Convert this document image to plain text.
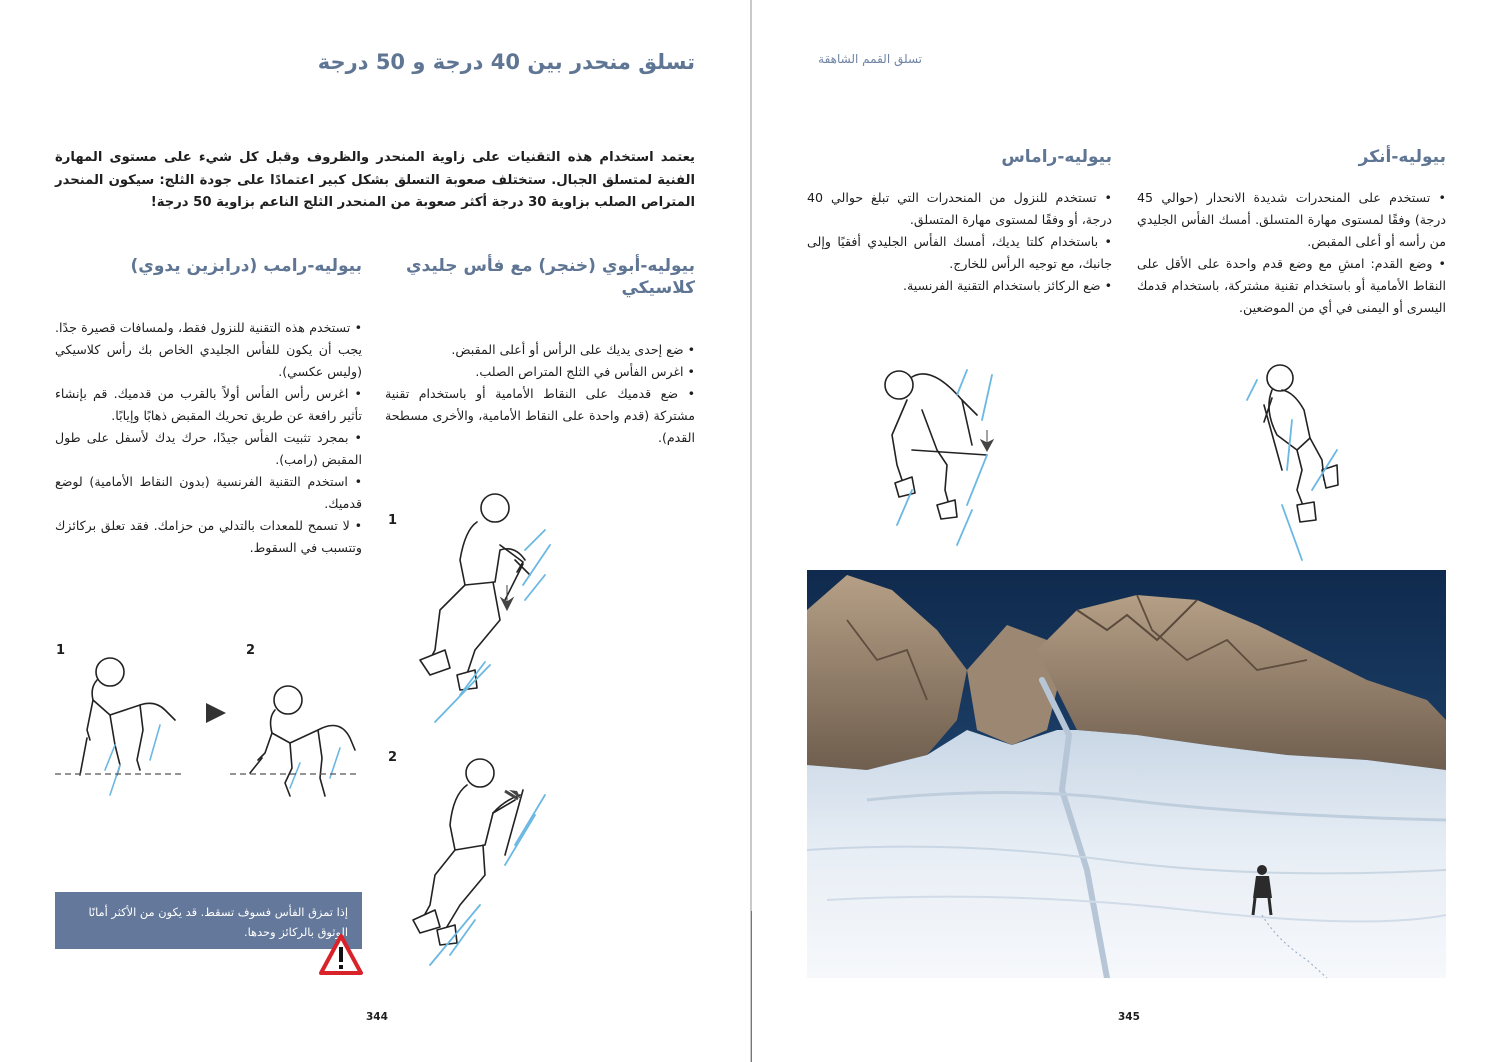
تسلق منحدر بين 40 درجة و 50 درجة

يعتمد استخدام هذه التقنيات على زاوية المنحدر والظروف وقبل كل شيء على مستوى المهارة الفنية لمتسلق الجبال. ستختلف صعوبة التسلق بشكل كبير اعتمادًا على جودة الثلج: سيكون المنحدر المتراص الصلب بزاوية 30 درجة أكثر صعوبة من المنحدر الثلج الناعم بزاوية 50 درجة!

بيوليه-أبوي (خنجر) مع فأس جليدي كلاسيكي

• ضع إحدى يديك على الرأس أو أعلى المقبض.

• اغرس الفأس في الثلج المتراص الصلب.

• ضع قدميك على النقاط الأمامية أو باستخدام تقنية مشتركة (قدم واحدة على النقاط الأمامية، والأخرى مسطحة القدم).

بيوليه-رامب (درابزين يدوي)

• تستخدم هذه التقنية للنزول فقط، ولمسافات قصيرة جدًا. يجب أن يكون للفأس الجليدي الخاص بك رأس كلاسيكي (وليس عكسي).

• اغرس رأس الفأس أولاً بالقرب من قدميك. قم بإنشاء تأثير رافعة عن طريق تحريك المقبض ذهابًا وإيابًا.

• بمجرد تثبيت الفأس جيدًا، حرك يدك لأسفل على طول المقبض (رامب).

• استخدم التقنية الفرنسية (بدون النقاط الأمامية) لوضع قدميك.

• لا تسمح للمعدات بالتدلي من حزامك. فقد تعلق بركائزك وتتسبب في السقوط.

1
2
1	2
إذا تمزق الفأس فسوف تسقط. قد يكون من الأكثر أمانًا الوثوق بالركائز وحدها.
344
تسلق القمم الشاهقة
بيوليه-أنكر

• تستخدم على المنحدرات شديدة الانحدار (حوالي 45 درجة) وفقًا لمستوى مهارة المتسلق. أمسك الفأس الجليدي من رأسه أو أعلى المقبض.

• وضع القدم: امشِ مع وضع قدم واحدة على الأقل على النقاط الأمامية أو باستخدام تقنية مشتركة، باستخدام قدمك اليسرى أو اليمنى في أي من الموضعين.

بيوليه-راماس

• تستخدم للنزول من المنحدرات التي تبلغ حوالي 40 درجة، أو وفقًا لمستوى مهارة المتسلق.

• باستخدام كلتا يديك، أمسك الفأس الجليدي أفقيًا وإلى جانبك، مع توجيه الرأس للخارج.

• ضع الركائز باستخدام التقنية الفرنسية.

345
